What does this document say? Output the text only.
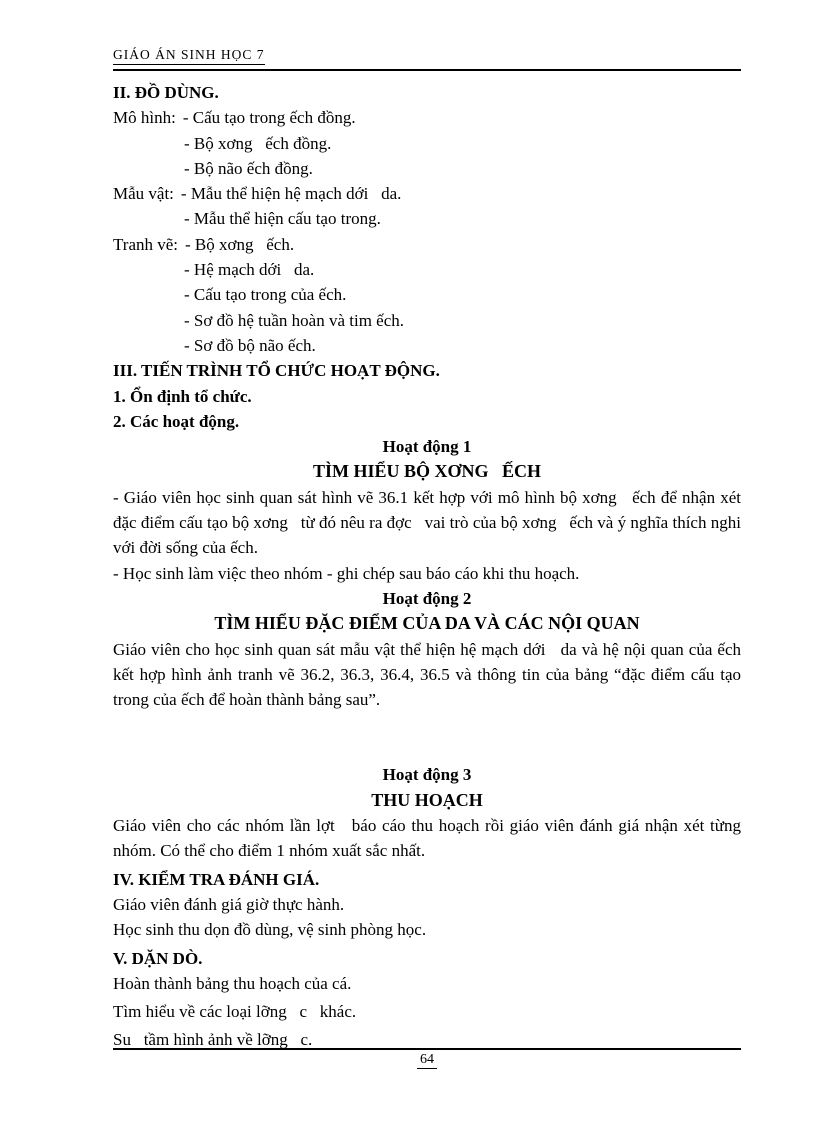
GIÁO ÁN SINH HỌC 7
II. ĐỒ DÙNG.
Mô hình: - Cấu tạo trong ếch đồng.
- Bộ xơng   ếch đồng.
- Bộ não ếch đồng.
Mẫu vật: - Mẫu thể hiện hệ mạch dới   da.
- Mẫu thể hiện cấu tạo trong.
Tranh vẽ: - Bộ xơng   ếch.
- Hệ mạch dới   da.
- Cấu tạo trong của ếch.
- Sơ đồ hệ tuần hoàn và tim ếch.
- Sơ đồ bộ não ếch.
III. TIẾN TRÌNH TỔ CHỨC HOẠT ĐỘNG.
1. Ổn định tổ chức.
2. Các hoạt động.
Hoạt động 1
TÌM HIỂU BỘ XƠNG   ẾCH
- Giáo viên học sinh quan sát hình vẽ 36.1 kết hợp với mô hình bộ xơng   ếch để nhận xét đặc điểm cấu tạo bộ xơng   từ đó nêu ra đợc   vai trò của bộ xơng   ếch và ý nghĩa thích nghi với đời sống của ếch.
- Học sinh làm việc theo nhóm - ghi chép sau báo cáo khi thu hoạch.
Hoạt động 2
TÌM HIỂU ĐẶC ĐIỂM CỦA DA VÀ CÁC NỘI QUAN
Giáo viên cho học sinh quan sát mẫu vật thể hiện hệ mạch dới   da và hệ nội quan của ếch kết hợp hình ảnh tranh vẽ 36.2, 36.3, 36.4, 36.5 và thông tin của bảng “đặc điểm cấu tạo trong của ếch để hoàn thành bảng sau”.
Hoạt động 3
THU HOẠCH
Giáo viên cho các nhóm lần lợt   báo cáo thu hoạch rồi giáo viên đánh giá nhận xét từng nhóm. Có thể cho điểm 1 nhóm xuất sắc nhất.
IV. KIỂM TRA ĐÁNH GIÁ.
Giáo viên đánh giá giờ thực hành.
Học sinh thu dọn đồ dùng, vệ sinh phòng học.
V. DẶN DÒ.
Hoàn thành bảng thu hoạch của cá.
Tìm hiểu về các loại lỡng   c   khác.
Su   tầm hình ảnh về lỡng   c.
64
